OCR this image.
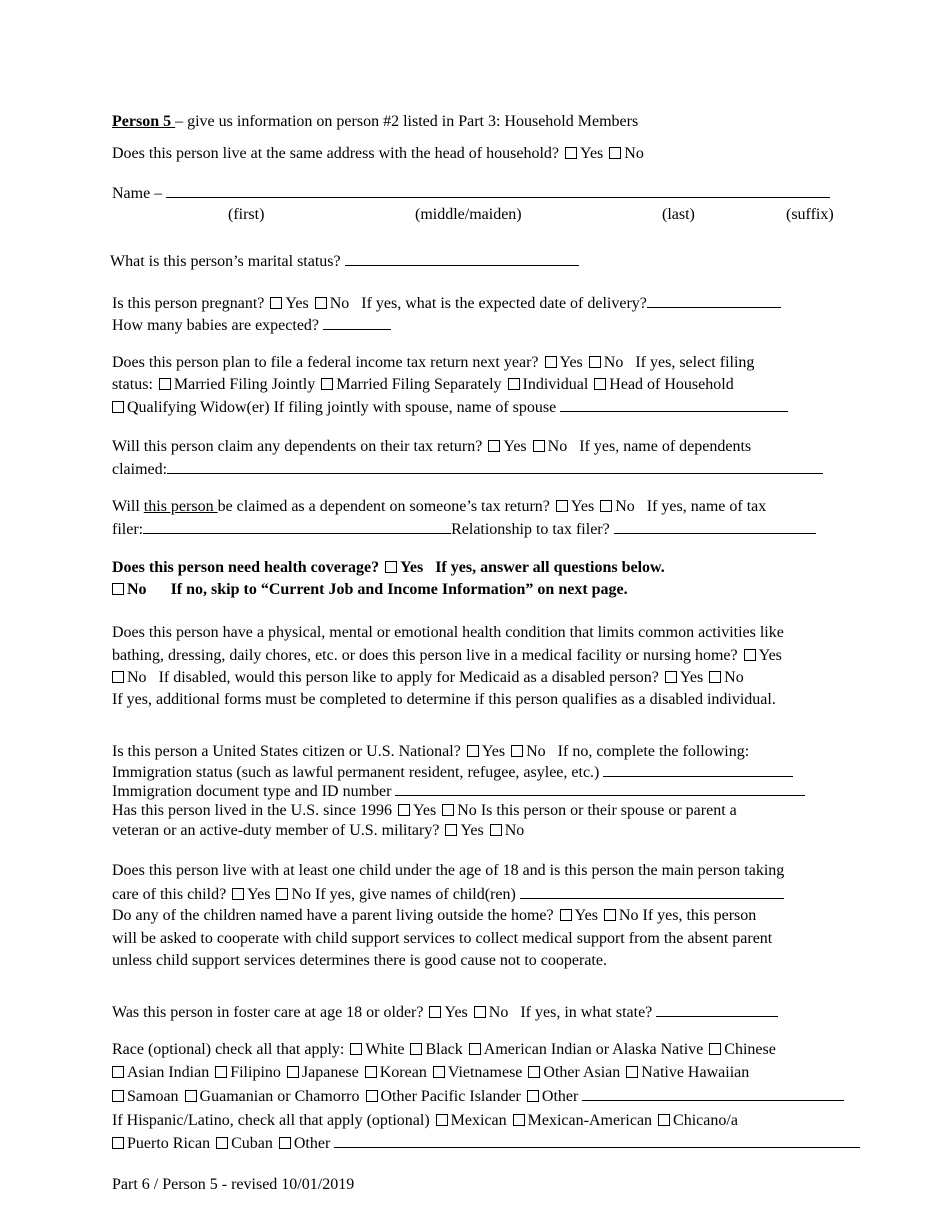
Person 5 – give us information on person #2 listed in Part 3: Household Members
Does this person live at the same address with the head of household? Yes No
Name –
(first)	(middle/maiden)	(last)	(suffix)
What is this person’s marital status?
Is this person pregnant? Yes No If yes, what is the expected date of delivery?
How many babies are expected?
Does this person plan to file a federal income tax return next year? Yes No If yes, select filing
status: Married Filing Jointly Married Filing Separately Individual Head of Household
Qualifying Widow(er) If filing jointly with spouse, name of spouse
Will this person claim any dependents on their tax return? Yes No If yes, name of dependents
claimed:
Will this person be claimed as a dependent on someone’s tax return? Yes No If yes, name of tax
filer:	Relationship to tax filer?
Does this person need health coverage? Yes If yes, answer all questions below.
No If no, skip to “Current Job and Income Information” on next page.
Does this person have a physical, mental or emotional health condition that limits common activities like
bathing, dressing, daily chores, etc. or does this person live in a medical facility or nursing home? Yes
No If disabled, would this person like to apply for Medicaid as a disabled person? Yes No
If yes, additional forms must be completed to determine if this person qualifies as a disabled individual.
Is this person a United States citizen or U.S. National? Yes No If no, complete the following:
Immigration status (such as lawful permanent resident, refugee, asylee, etc.)
Immigration document type and ID number
Has this person lived in the U.S. since 1996 Yes No Is this person or their spouse or parent a
veteran or an active-duty member of U.S. military? Yes No
Does this person live with at least one child under the age of 18 and is this person the main person taking
care of this child? Yes No If yes, give names of child(ren)
Do any of the children named have a parent living outside the home? Yes No If yes, this person
will be asked to cooperate with child support services to collect medical support from the absent parent
unless child support services determines there is good cause not to cooperate.
Was this person in foster care at age 18 or older? Yes No If yes, in what state?
Race (optional) check all that apply: White Black American Indian or Alaska Native Chinese
Asian Indian Filipino Japanese Korean Vietnamese Other Asian Native Hawaiian
Samoan Guamanian or Chamorro Other Pacific Islander Other
If Hispanic/Latino, check all that apply (optional) Mexican Mexican-American Chicano/a
Puerto Rican Cuban Other
Part 6 / Person 5 - revised 10/01/2019
